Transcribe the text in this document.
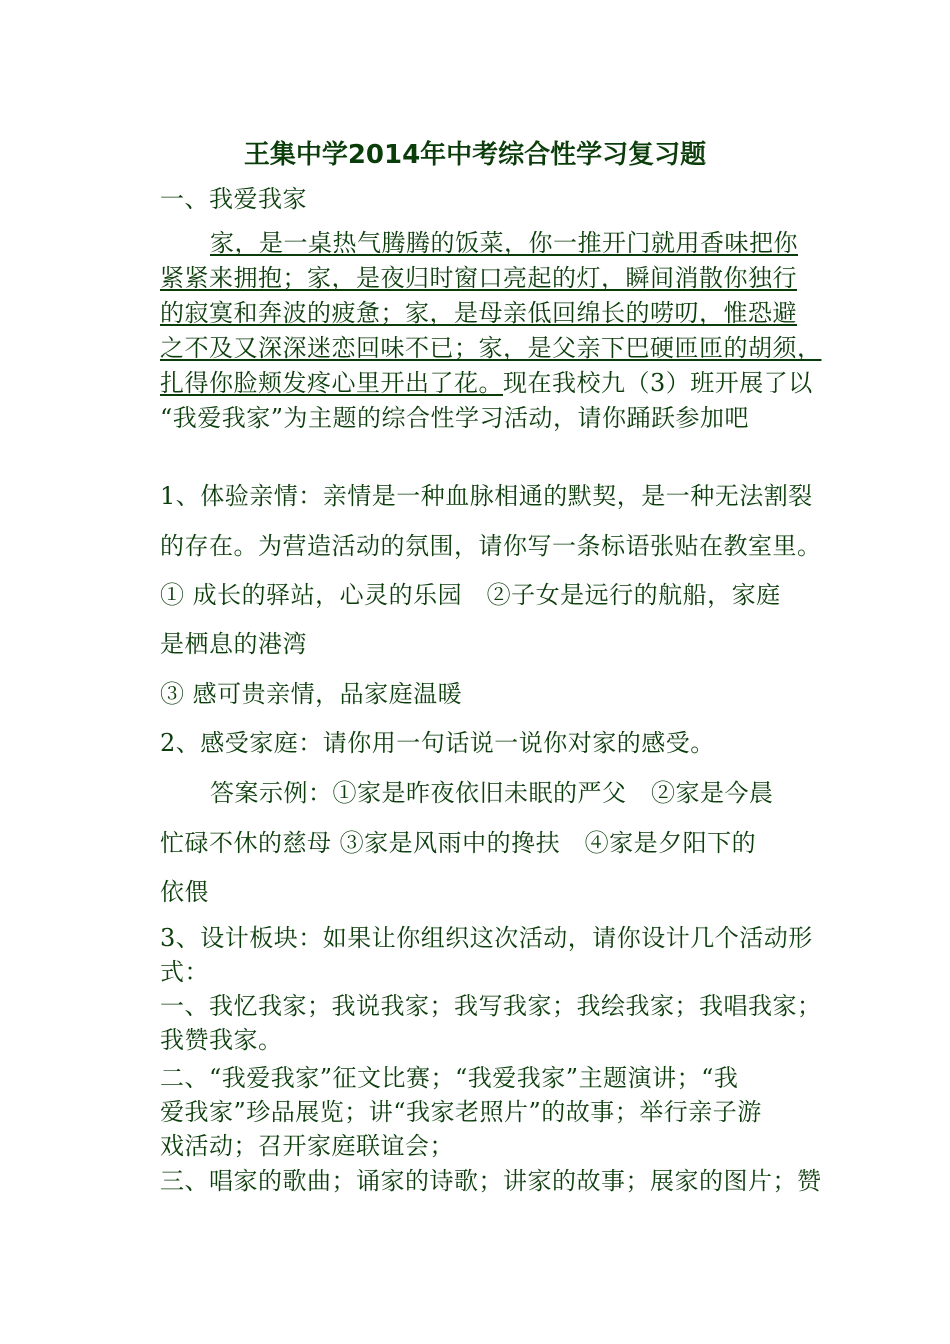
王集中学2014年中考综合性学习复习题
一、我爱我家
家，是一桌热气腾腾的饭菜，你一推开门就用香味把你
紧紧来拥抱；家，是夜归时窗口亮起的灯，瞬间消散你独行
的寂寞和奔波的疲惫；家，是母亲低回绵长的唠叨，惟恐避
之不及又深深迷恋回味不已；家，是父亲下巴硬匝匝的胡须，
扎得你脸颊发疼心里开出了花。现在我校九（3）班开展了以
“我爱我家”为主题的综合性学习活动，请你踊跃参加吧
1、体验亲情：亲情是一种血脉相通的默契，是一种无法割裂
的存在。为营造活动的氛围，请你写一条标语张贴在教室里。
① 成长的驿站，心灵的乐园　②子女是远行的航船，家庭
是栖息的港湾
③ 感可贵亲情，品家庭温暖
2、感受家庭：请你用一句话说一说你对家的感受。
答案示例：①家是昨夜依旧未眠的严父　②家是今晨
忙碌不休的慈母 ③家是风雨中的搀扶　④家是夕阳下的
依偎
3、设计板块：如果让你组织这次活动，请你设计几个活动形
式：
一、我忆我家；我说我家；我写我家；我绘我家；我唱我家；
我赞我家。
二、“我爱我家”征文比赛；“我爱我家”主题演讲；“我
爱我家”珍品展览；讲“我家老照片”的故事；举行亲子游
戏活动；召开家庭联谊会；
三、唱家的歌曲；诵家的诗歌；讲家的故事；展家的图片；赞
